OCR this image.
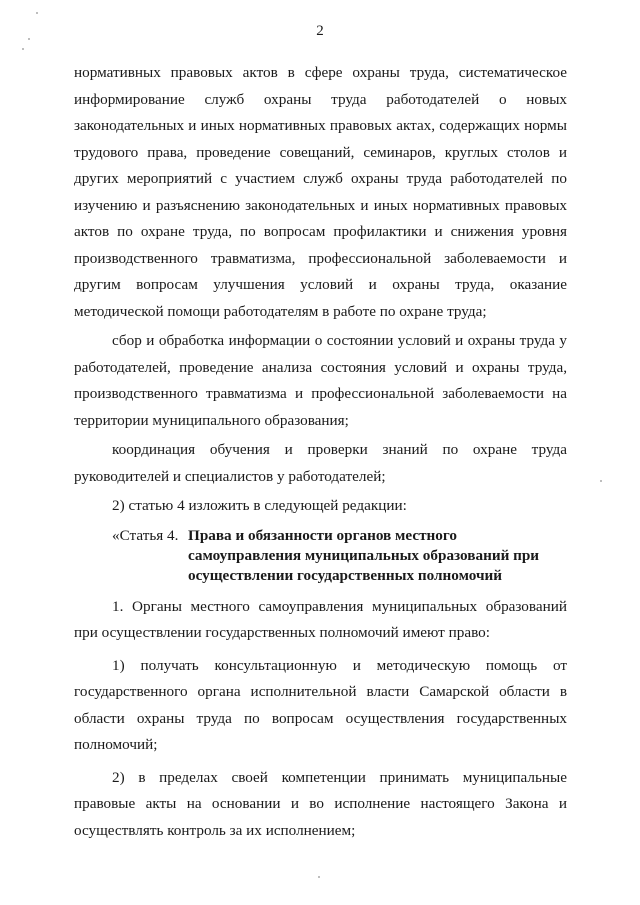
2

нормативных правовых актов в сфере охраны труда, систематическое информирование служб охраны труда работодателей о новых законодательных и иных нормативных правовых актах, содержащих нормы трудового права, проведение совещаний, семинаров, круглых столов и других мероприятий с участием служб охраны труда работодателей по изучению и разъяснению законодательных и иных нормативных правовых актов по охране труда, по вопросам профилактики и снижения уровня производственного травматизма, профессиональной заболеваемости и другим вопросам улучшения условий и охраны труда, оказание методической помощи работодателям в работе по охране труда;

сбор и обработка информации о состоянии условий и охраны труда у работодателей, проведение анализа состояния условий и охраны труда, производственного травматизма и профессиональной заболеваемости на территории муниципального образования;

координация обучения и проверки знаний по охране труда руководителей и специалистов у работодателей;

2) статью 4 изложить в следующей редакции:

«Статья 4. Права и обязанности органов местного
самоуправления муниципальных образований при
осуществлении государственных полномочий

1. Органы местного самоуправления муниципальных образований при осуществлении государственных полномочий имеют право:

1) получать консультационную и методическую помощь от государственного органа исполнительной власти Самарской области в области охраны труда по вопросам осуществления государственных полномочий;

2) в пределах своей компетенции принимать муниципальные правовые акты на основании и во исполнение настоящего Закона и осуществлять контроль за их исполнением;
